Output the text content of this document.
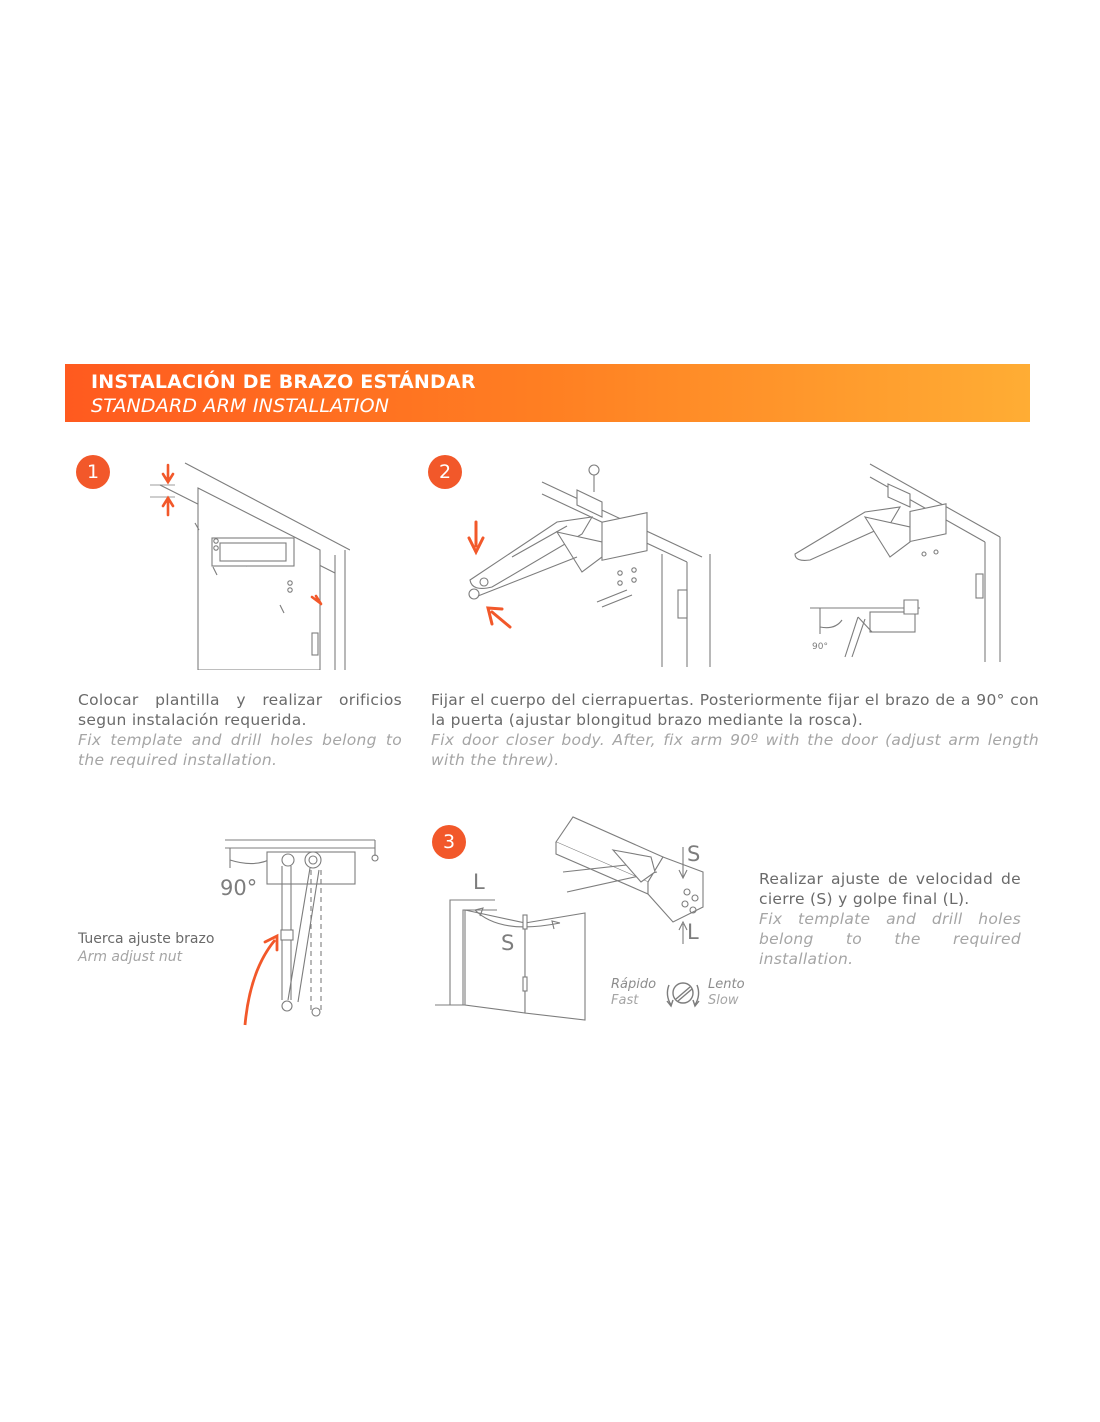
INSTALACIÓN DE BRAZO ESTÁNDAR
STANDARD ARM INSTALLATION
1	2
3
90°
Colocar plantilla y realizar orificios segun instalación requerida.
Fix template and drill holes belong to the required installation.
Fijar el cuerpo del cierrapuertas. Posteriormente fijar el brazo de a 90° con la puerta (ajustar blongitud brazo mediante la rosca).
Fix door closer body. After, fix arm 90º with the door (adjust arm length with the threw).
90°
Tuerca ajuste brazo
Arm adjust nut
L
S
S
L
Rápido
Fast
Lento
Slow
Realizar ajuste de velocidad de cierre (S) y golpe final (L).
Fix template and drill holes belong to the required installation.
